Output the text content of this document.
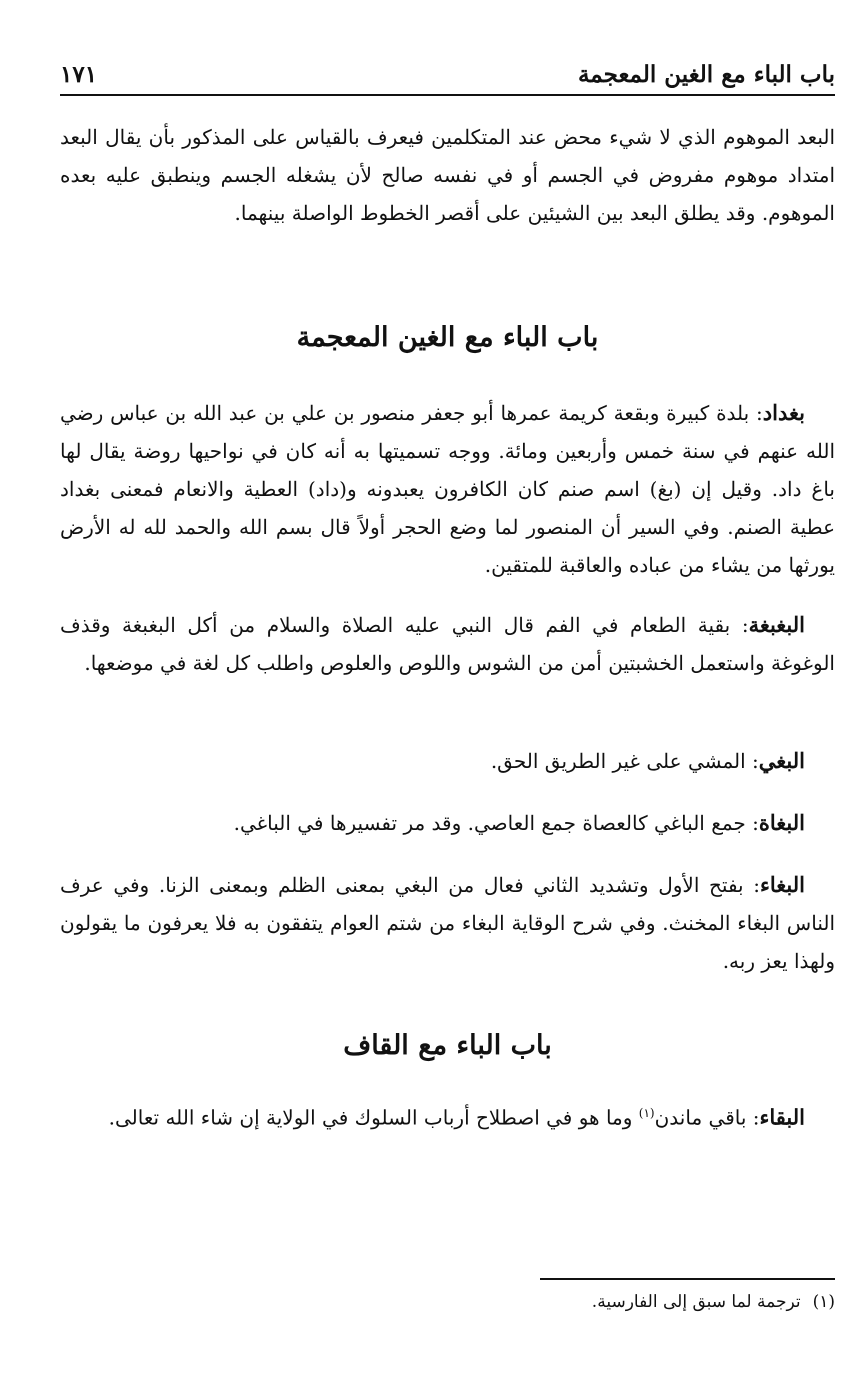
باب الباء مع الغين المعجمة
١٧١

البعد الموهوم الذي لا شيء محض عند المتكلمين فيعرف بالقياس على المذكور بأن يقال البعد امتداد موهوم مفروض في الجسم أو في نفسه صالح لأن يشغله الجسم وينطبق عليه بعده الموهوم. وقد يطلق البعد بين الشيئين على أقصر الخطوط الواصلة بينهما.

باب الباء مع الغين المعجمة

بغداد: بلدة كبيرة وبقعة كريمة عمرها أبو جعفر منصور بن علي بن عبد الله بن عباس رضي الله عنهم في سنة خمس وأربعين ومائة. ووجه تسميتها به أنه كان في نواحيها روضة يقال لها باغ داد. وقيل إن (بغ) اسم صنم كان الكافرون يعبدونه و(داد) العطية والانعام فمعنى بغداد عطية الصنم. وفي السير أن المنصور لما وضع الحجر أولاً قال بسم الله والحمد لله له الأرض يورثها من يشاء من عباده والعاقبة للمتقين.

البغبغة: بقية الطعام في الفم قال النبي عليه الصلاة والسلام من أكل البغبغة وقذف الوغوغة واستعمل الخشبتين أمن من الشوس واللوص والعلوص واطلب كل لغة في موضعها.

البغي: المشي على غير الطريق الحق.

البغاة: جمع الباغي كالعصاة جمع العاصي. وقد مر تفسيرها في الباغي.

البغاء: بفتح الأول وتشديد الثاني فعال من البغي بمعنى الظلم وبمعنى الزنا. وفي عرف الناس البغاء المخنث. وفي شرح الوقاية البغاء من شتم العوام يتفقون به فلا يعرفون ما يقولون ولهذا يعز ربه.

باب الباء مع القاف

البقاء: باقي ماندن$^{(١)}$ وما هو في اصطلاح أرباب السلوك في الولاية إن شاء الله تعالى.

(١)ترجمة لما سبق إلى الفارسية.
